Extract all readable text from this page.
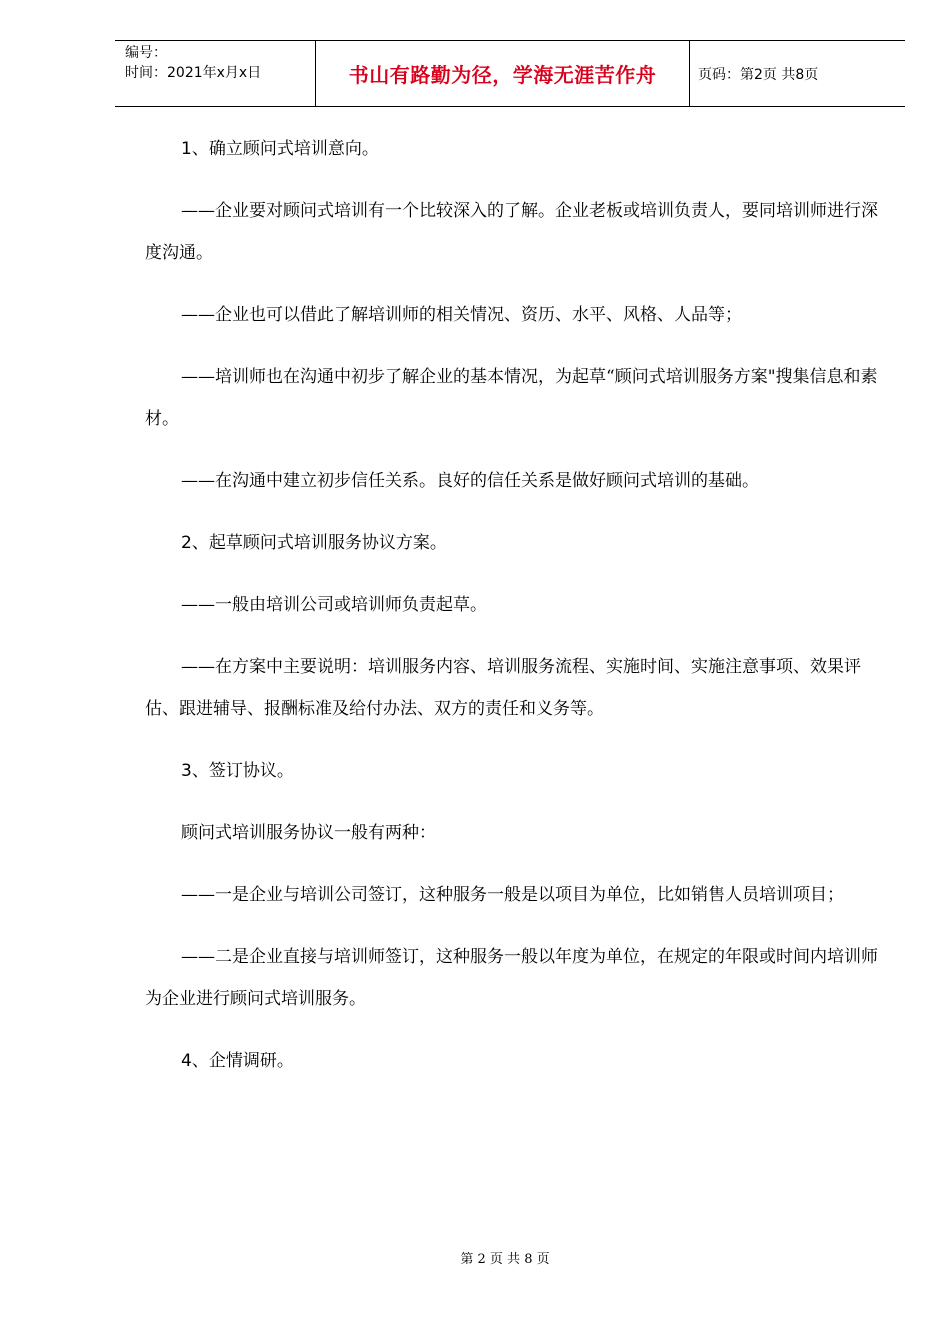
编号：
时间：2021年x月x日	书山有路勤为径，学海无涯苦作舟	页码：第2页 共8页

1、确立顾问式培训意向。

——企业要对顾问式培训有一个比较深入的了解。企业老板或培训负责人，要同培训师进行深度沟通。

——企业也可以借此了解培训师的相关情况、资历、水平、风格、人品等；

——培训师也在沟通中初步了解企业的基本情况，为起草“顾问式培训服务方案"搜集信息和素材。

——在沟通中建立初步信任关系。良好的信任关系是做好顾问式培训的基础。

2、起草顾问式培训服务协议方案。

——一般由培训公司或培训师负责起草。

——在方案中主要说明：培训服务内容、培训服务流程、实施时间、实施注意事项、效果评估、跟进辅导、报酬标准及给付办法、双方的责任和义务等。

3、签订协议。

顾问式培训服务协议一般有两种：

——一是企业与培训公司签订，这种服务一般是以项目为单位，比如销售人员培训项目；

——二是企业直接与培训师签订，这种服务一般以年度为单位，在规定的年限或时间内培训师为企业进行顾问式培训服务。

4、企情调研。

第 2 页 共 8 页
